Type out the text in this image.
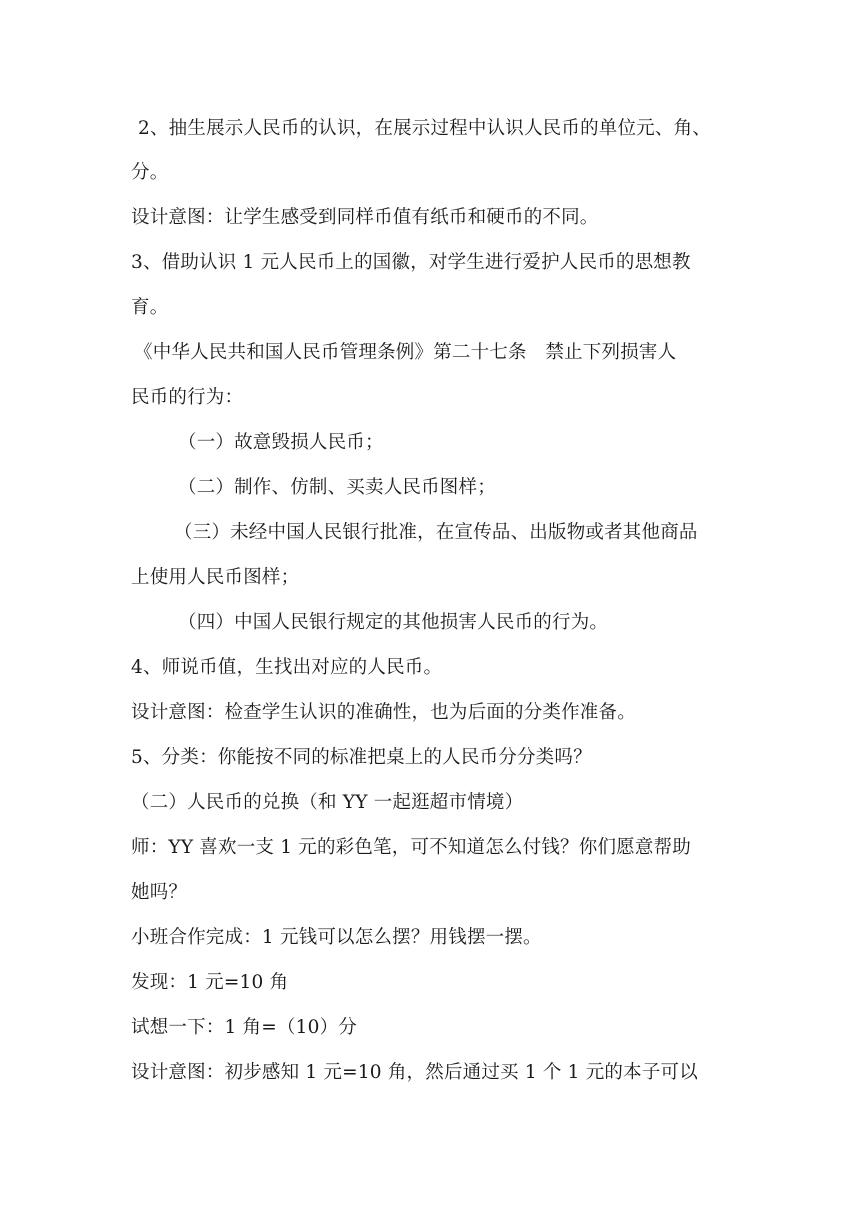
2、抽生展示人民币的认识，在展示过程中认识人民币的单位元、角、
分。
设计意图：让学生感受到同样币值有纸币和硬币的不同。
3、借助认识 1 元人民币上的国徽，对学生进行爱护人民币的思想教
育。
《中华人民共和国人民币管理条例》第二十七条　禁止下列损害人
民币的行为：
（一）故意毁损人民币；
（二）制作、仿制、买卖人民币图样；
（三）未经中国人民银行批准，在宣传品、出版物或者其他商品
上使用人民币图样；
（四）中国人民银行规定的其他损害人民币的行为。
4、师说币值，生找出对应的人民币。
设计意图：检查学生认识的准确性，也为后面的分类作准备。
5、分类：你能按不同的标准把桌上的人民币分分类吗？
（二）人民币的兑换（和 YY 一起逛超市情境）
师：YY 喜欢一支 1 元的彩色笔，可不知道怎么付钱？你们愿意帮助
她吗？
小班合作完成：1 元钱可以怎么摆？用钱摆一摆。
发现：1 元=10 角
试想一下：1 角=（10）分
设计意图：初步感知 1 元=10 角，然后通过买 1 个 1 元的本子可以
